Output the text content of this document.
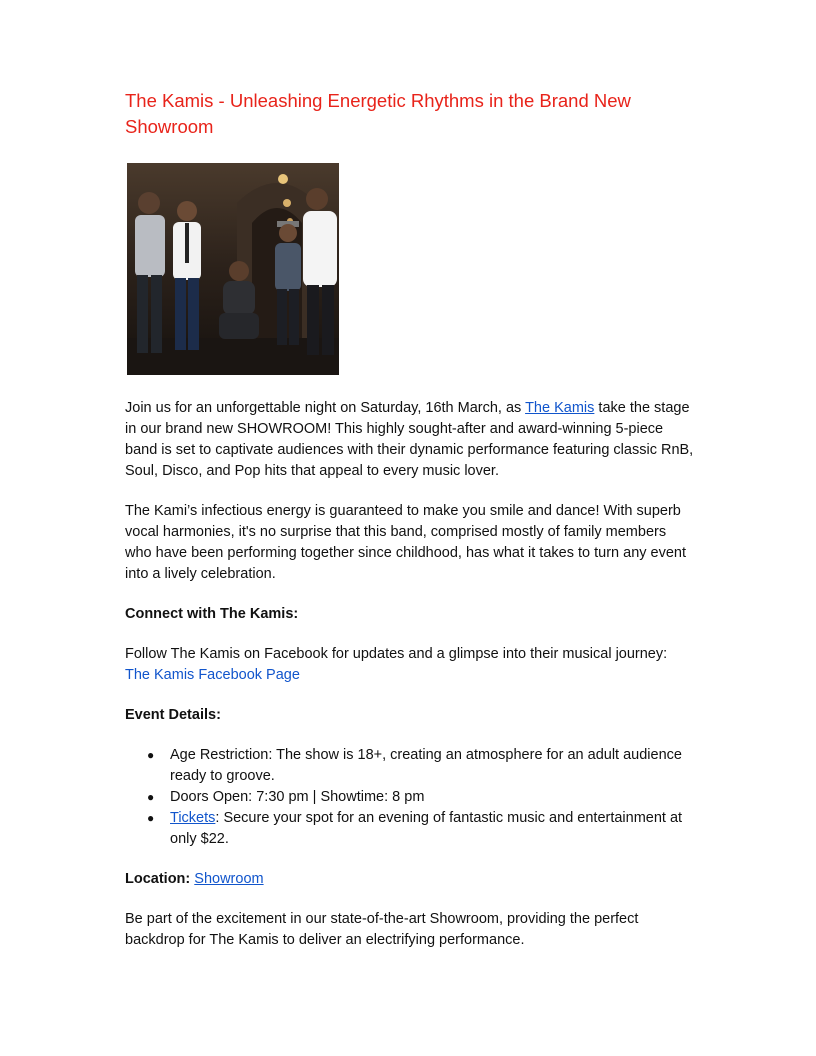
The Kamis - Unleashing Energetic Rhythms in the Brand New Showroom

Join us for an unforgettable night on Saturday, 16th March, as The Kamis take the stage in our brand new SHOWROOM! This highly sought-after and award-winning 5-piece band is set to captivate audiences with their dynamic performance featuring classic RnB, Soul, Disco, and Pop hits that appeal to every music lover.

The Kami’s infectious energy is guaranteed to make you smile and dance! With superb vocal harmonies, it's no surprise that this band, comprised mostly of family members who have been performing together since childhood, has what it takes to turn any event into a lively celebration.

Connect with The Kamis:

Follow The Kamis on Facebook for updates and a glimpse into their musical journey:
The Kamis Facebook Page

Event Details:

● Age Restriction: The show is 18+, creating an atmosphere for an adult audience ready to groove.
● Doors Open: 7:30 pm | Showtime: 8 pm
● Tickets: Secure your spot for an evening of fantastic music and entertainment at only $22.

Location: Showroom

Be part of the excitement in our state-of-the-art Showroom, providing the perfect backdrop for The Kamis to deliver an electrifying performance.
